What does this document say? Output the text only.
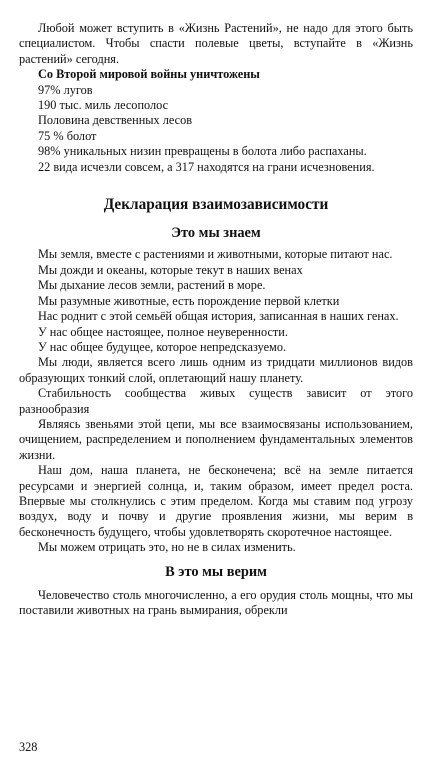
Любой может вступить в «Жизнь Растений», не надо для этого быть специалистом. Чтобы спасти полевые цветы, вступайте в «Жизнь растений» сегодня.

Со Второй мировой войны уничтожены

97% лугов

190 тыс. миль лесополос

Половина девственных лесов

75 % болот

98% уникальных низин превращены в болота либо распаханы.

22 вида исчезли совсем, а 317 находятся на грани исчезновения.

Декларация взаимозависимости
Это мы знаем

Мы земля, вместе с растениями и животными, которые питают нас.

Мы дожди и океаны, которые текут в наших венах

Мы дыхание лесов земли, растений в море.

Мы разумные животные, есть порождение первой клетки

Нас роднит с этой семьёй общая история, записанная в наших генах.

У нас общее настоящее, полное неуверенности.

У нас общее будущее, которое непредсказуемо.

Мы люди, является всего лишь одним из тридцати миллионов видов образующих тонкий слой, оплетающий нашу планету.

Стабильность сообщества живых существ зависит от этого разнообразия

Являясь звеньями этой цепи, мы все взаимосвязаны использованием, очищением, распределением и пополнением фундаментальных элементов жизни.

Наш дом, наша планета, не бесконечена; всё на земле питается ресурсами и энергией солнца, и, таким образом, имеет предел роста. Впервые мы столкнулись с этим пределом. Когда мы ставим под угрозу воздух, воду и почву и другие проявления жизни, мы верим в бесконечность будущего, чтобы удовлетворять скоротечное настоящее.

Мы можем отрицать это, но не в силах изменить.

В это мы верим

Человечество столь многочисленно, а его орудия столь мощны, что мы поставили животных на грань вымирания, обрекли

328
